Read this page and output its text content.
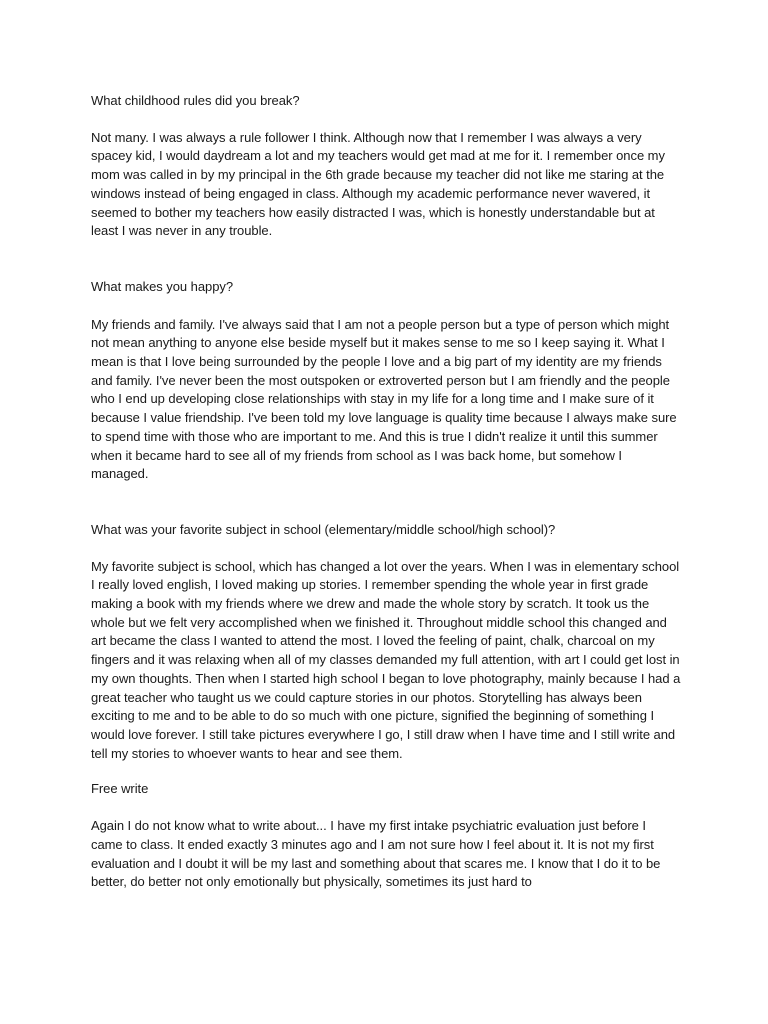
What childhood rules did you break?

Not many. I was always a rule follower I think. Although now that I remember I was always a very spacey kid, I would daydream a lot and my teachers would get mad at me for it. I remember once my mom was called in by my principal in the 6th grade because my teacher did not like me staring at the windows instead of being engaged in class. Although my academic performance never wavered, it seemed to bother my teachers how easily distracted I was, which is honestly understandable but at least I was never in any trouble.

What makes you happy?

My friends and family. I've always said that I am not a people person but a type of person which might not mean anything to anyone else beside myself but it makes sense to me so I keep saying it. What I mean is that I love being surrounded by the people I love and a big part of my identity are my friends and family. I've never been the most outspoken or extroverted person but I am friendly and the people who I end up developing close relationships with stay in my life for a long time and I make sure of it because I value friendship. I've been told my love language is quality time because I always make sure to spend time with those who are important to me. And this is true I didn't realize it until this summer when it became hard to see all of my friends from school as I was back home, but somehow I managed.

What was your favorite subject in school (elementary/middle school/high school)?

My favorite subject is school, which has changed a lot over the years. When I was in elementary school I really loved english, I loved making up stories. I remember spending the whole year in first grade making a book with my friends where we drew and made the whole story by scratch. It took us the whole but we felt very accomplished when we finished it. Throughout middle school this changed and art became the class I wanted to attend the most. I loved the feeling of paint, chalk, charcoal on my fingers and it was relaxing when all of my classes demanded my full attention, with art I could get lost in my own thoughts. Then when I started high school I began to love photography, mainly because I had a great teacher who taught us we could capture stories in our photos. Storytelling has always been exciting to me and to be able to do so much with one picture, signified the beginning of something I would love forever. I still take pictures everywhere I go, I still draw when I have time and I still write and tell my stories to whoever wants to hear and see them.

Free write

Again I do not know what to write about... I have my first intake psychiatric evaluation just before I came to class. It ended exactly 3 minutes ago and I am not sure how I feel about it. It is not my first evaluation and I doubt it will be my last and something about that scares me. I know that I do it to be better, do better not only emotionally but physically, sometimes its just hard to
